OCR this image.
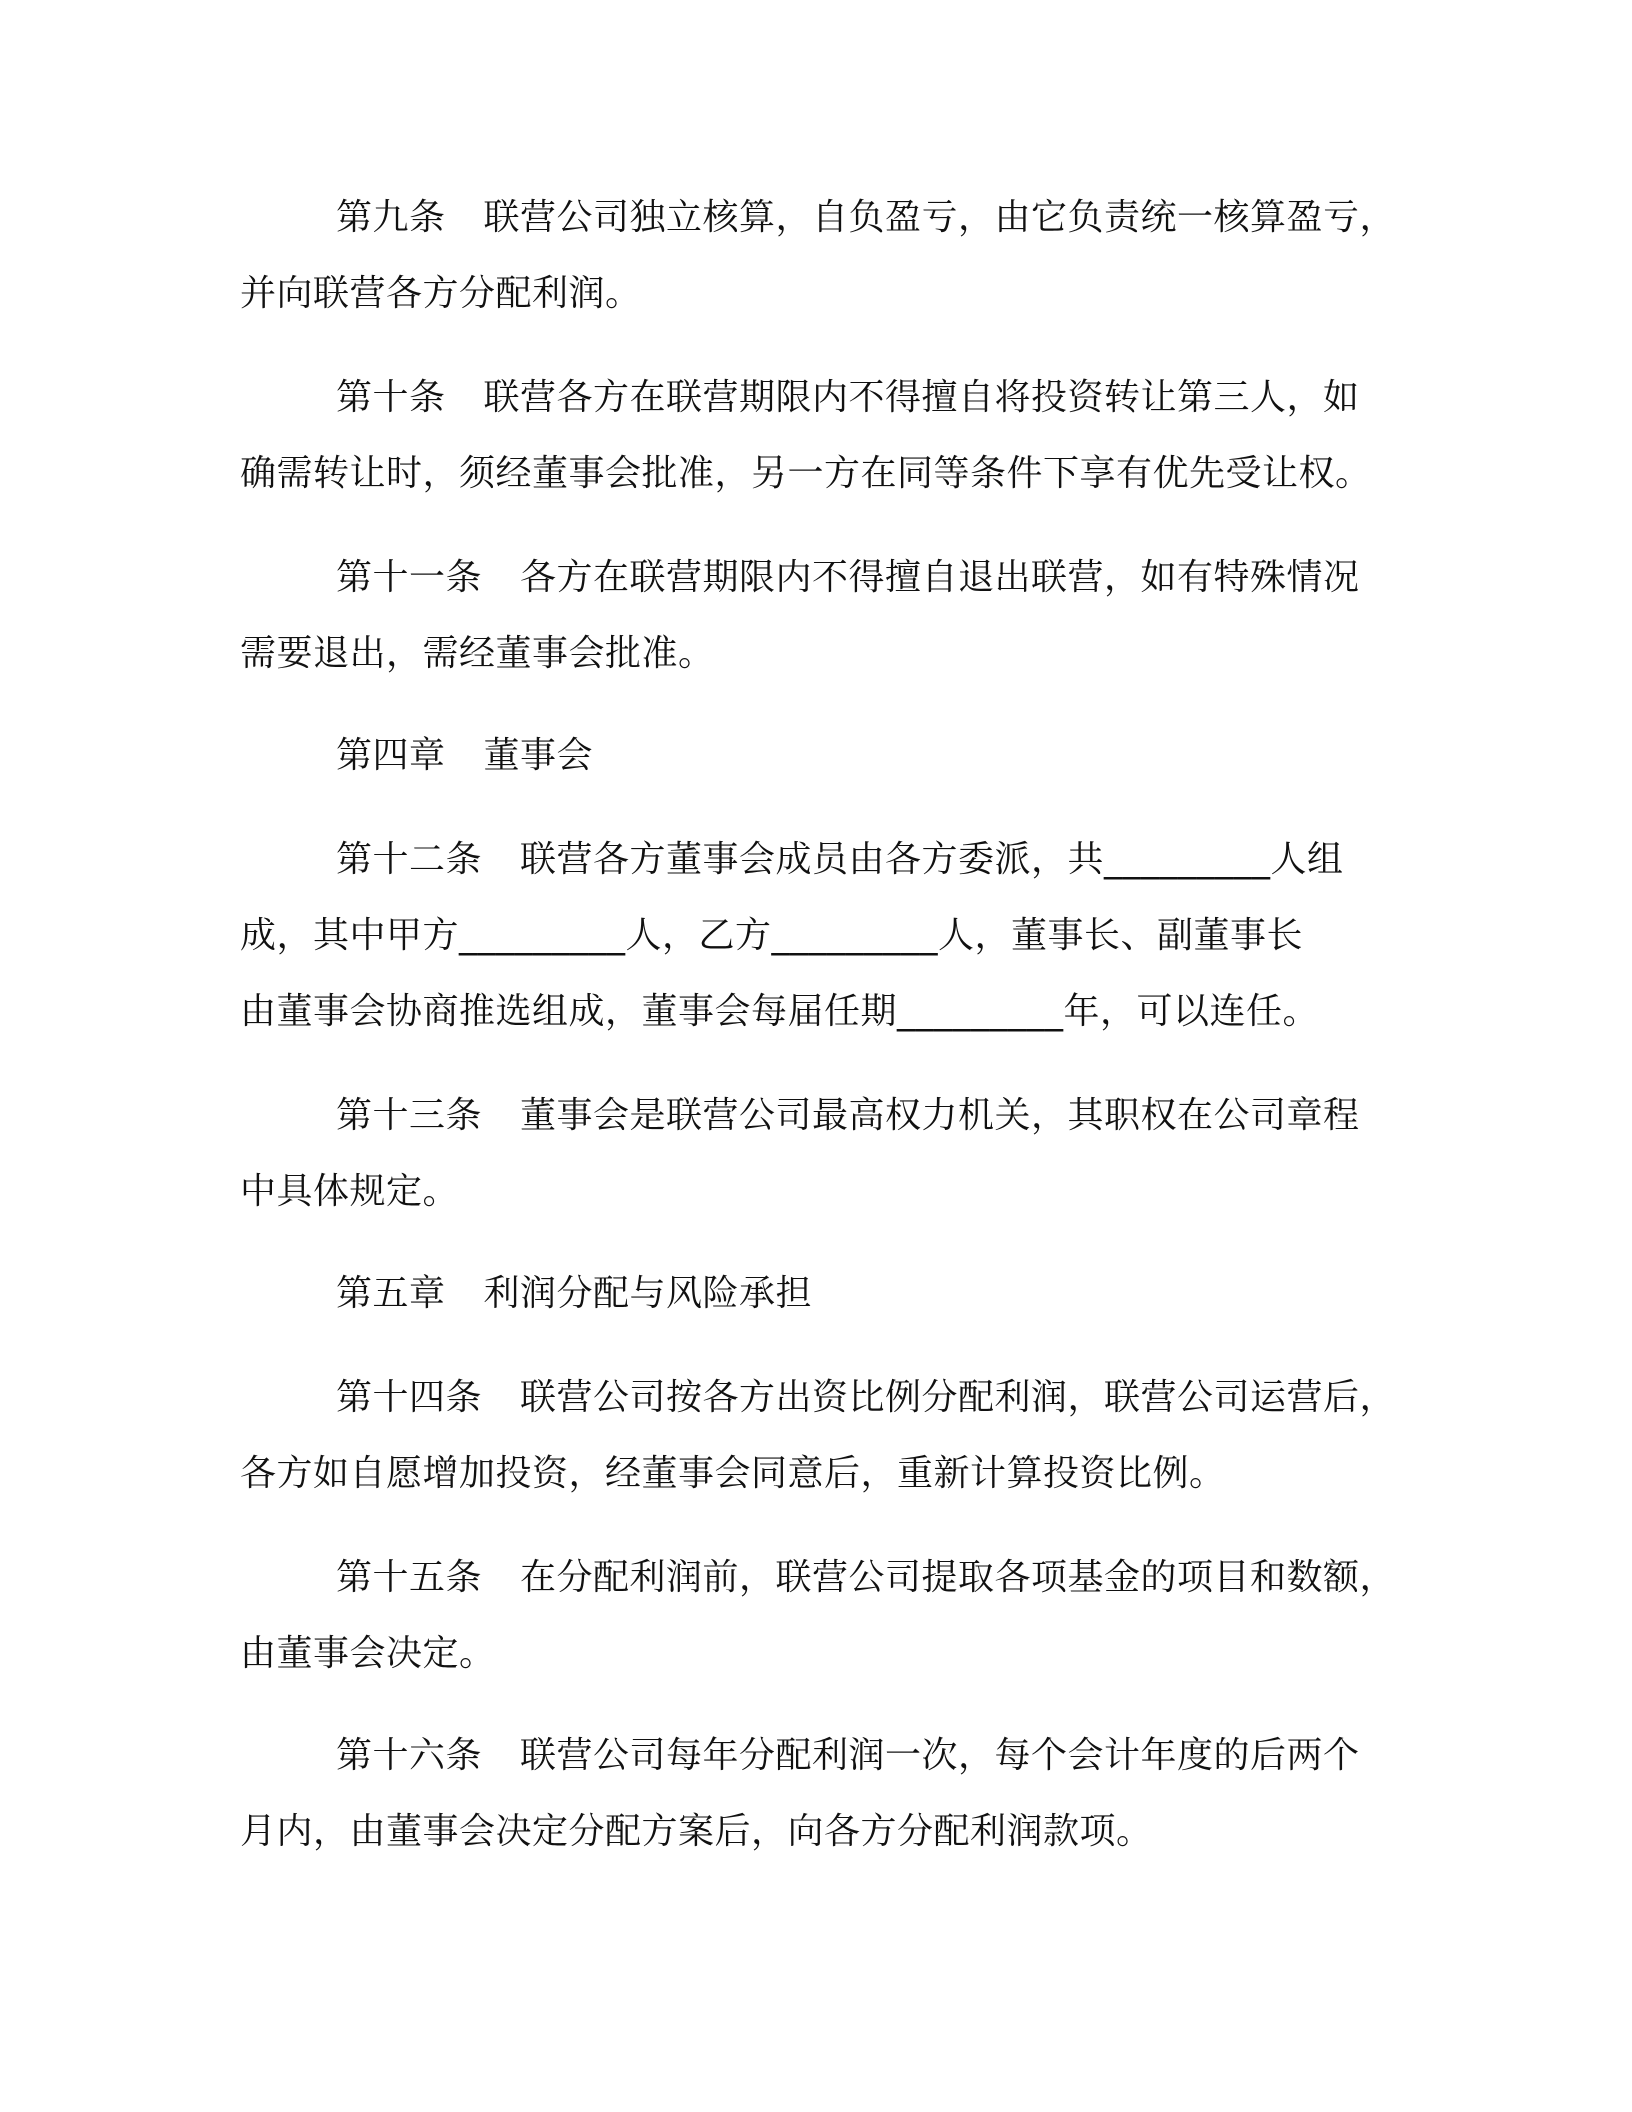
第九条 联营公司独立核算，自负盈亏，由它负责统一核算盈亏，
并向联营各方分配利润。
第十条 联营各方在联营期限内不得擅自将投资转让第三人，如
确需转让时，须经董事会批准，另一方在同等条件下享有优先受让权。
第十一条 各方在联营期限内不得擅自退出联营，如有特殊情况
需要退出，需经董事会批准。
第四章 董事会
第十二条 联营各方董事会成员由各方委派，共_________人组
成，其中甲方_________人，乙方_________人，董事长、副董事长
由董事会协商推选组成，董事会每届任期_________年，可以连任。
第十三条 董事会是联营公司最高权力机关，其职权在公司章程
中具体规定。
第五章 利润分配与风险承担
第十四条 联营公司按各方出资比例分配利润，联营公司运营后，
各方如自愿增加投资，经董事会同意后，重新计算投资比例。
第十五条 在分配利润前，联营公司提取各项基金的项目和数额，
由董事会决定。
第十六条 联营公司每年分配利润一次，每个会计年度的后两个
月内，由董事会决定分配方案后，向各方分配利润款项。
